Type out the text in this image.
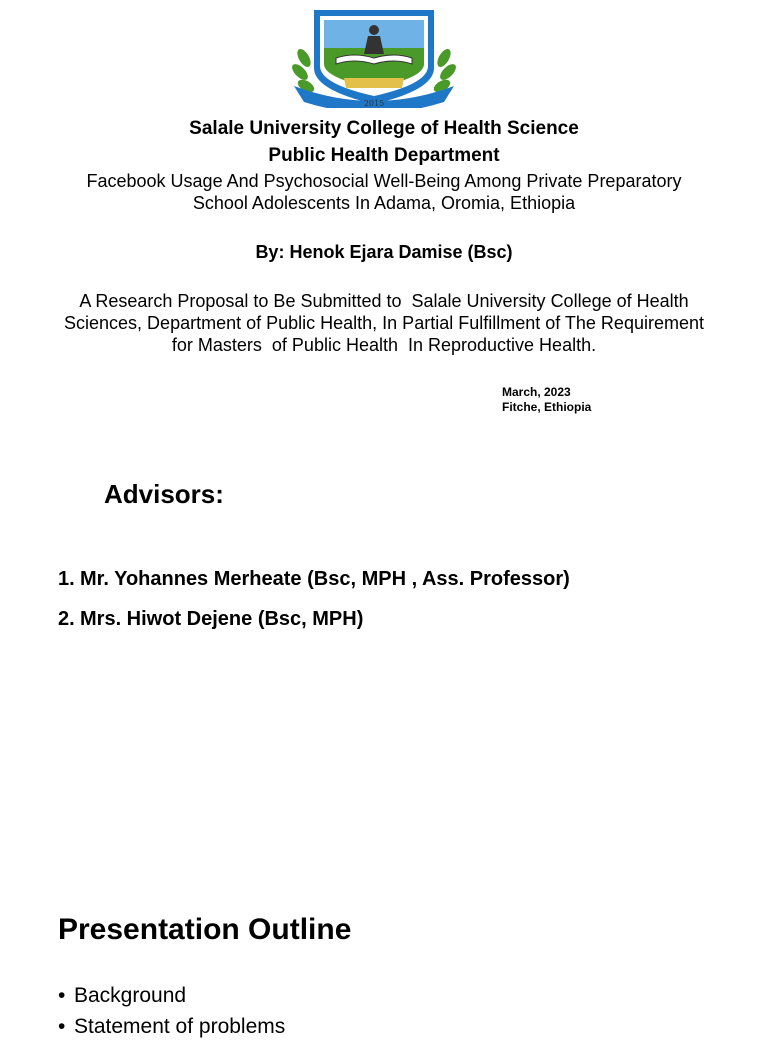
2015
Salale University College of Health Science
Public Health Department
Facebook Usage And Psychosocial Well-Being Among Private Preparatory
School Adolescents In Adama, Oromia, Ethiopia
By: Henok Ejara Damise (Bsc)
A Research Proposal to Be Submitted to  Salale University College of Health
Sciences, Department of Public Health, In Partial Fulfillment of The Requirement
for Masters  of Public Health  In Reproductive Health.
March, 2023
Fitche, Ethiopia
Advisors:
1. Mr. Yohannes Merheate (Bsc, MPH , Ass. Professor)
2. Mrs. Hiwot Dejene (Bsc, MPH)
Presentation Outline
• Background
• Statement of problems
